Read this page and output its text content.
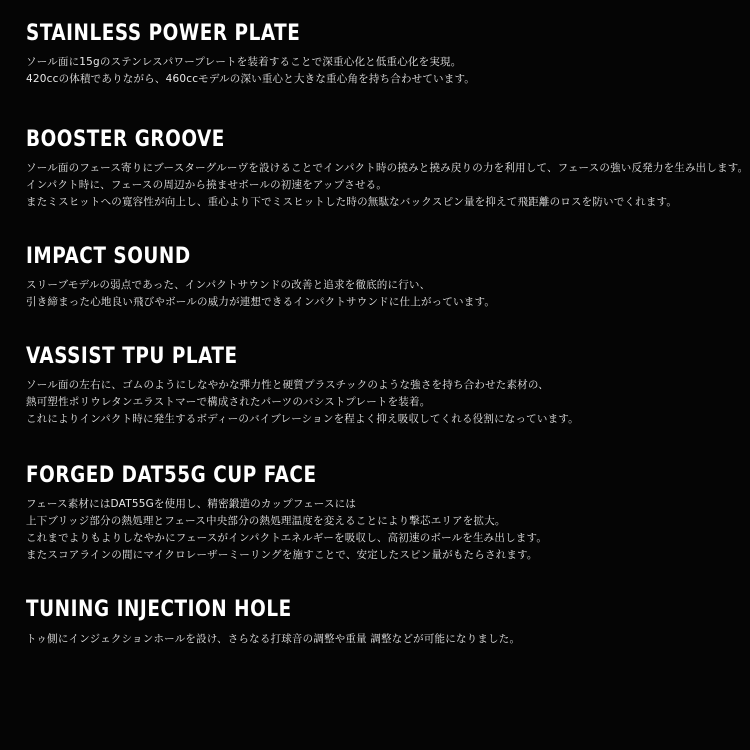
STAINLESS POWER PLATE
ソール面に15gのステンレスパワープレートを装着することで深重心化と低重心化を実現。
420ccの体積でありながら、460ccモデルの深い重心と大きな重心角を持ち合わせています。
BOOSTER GROOVE
ソール面のフェース寄りにブースターグルーヴを設けることでインパクト時の撓みと撓み戻りの力を利用して、フェースの強い反発力を生み出します。
インパクト時に、フェースの周辺から撓ませボールの初速をアップさせる。
またミスヒットへの寛容性が向上し、重心より下でミスヒットした時の無駄なバックスピン量を抑えて飛距離のロスを防いでくれます。
IMPACT SOUND
スリーブモデルの弱点であった、インパクトサウンドの改善と追求を徹底的に行い、
引き締まった心地良い飛びやボールの威力が連想できるインパクトサウンドに仕上がっています。
VASSIST TPU PLATE
ソール面の左右に、ゴムのようにしなやかな弾力性と硬質プラスチックのような強さを持ち合わせた素材の、
熱可塑性ポリウレタンエラストマーで構成されたパーツのバシストプレートを装着。
これによりインパクト時に発生するボディーのバイブレーションを程よく抑え吸収してくれる役割になっています。
FORGED DAT55G CUP FACE
フェース素材にはDAT55Gを使用し、精密鍛造のカップフェースには
上下ブリッジ部分の熱処理とフェース中央部分の熱処理温度を変えることにより撃芯エリアを拡大。
これまでよりもよりしなやかにフェースがインパクトエネルギーを吸収し、高初速のボールを生み出します。
またスコアラインの間にマイクロレーザーミーリングを施すことで、安定したスピン量がもたらされます。
TUNING INJECTION HOLE
トゥ側にインジェクションホールを設け、さらなる打球音の調整や重量 調整などが可能になりました。
